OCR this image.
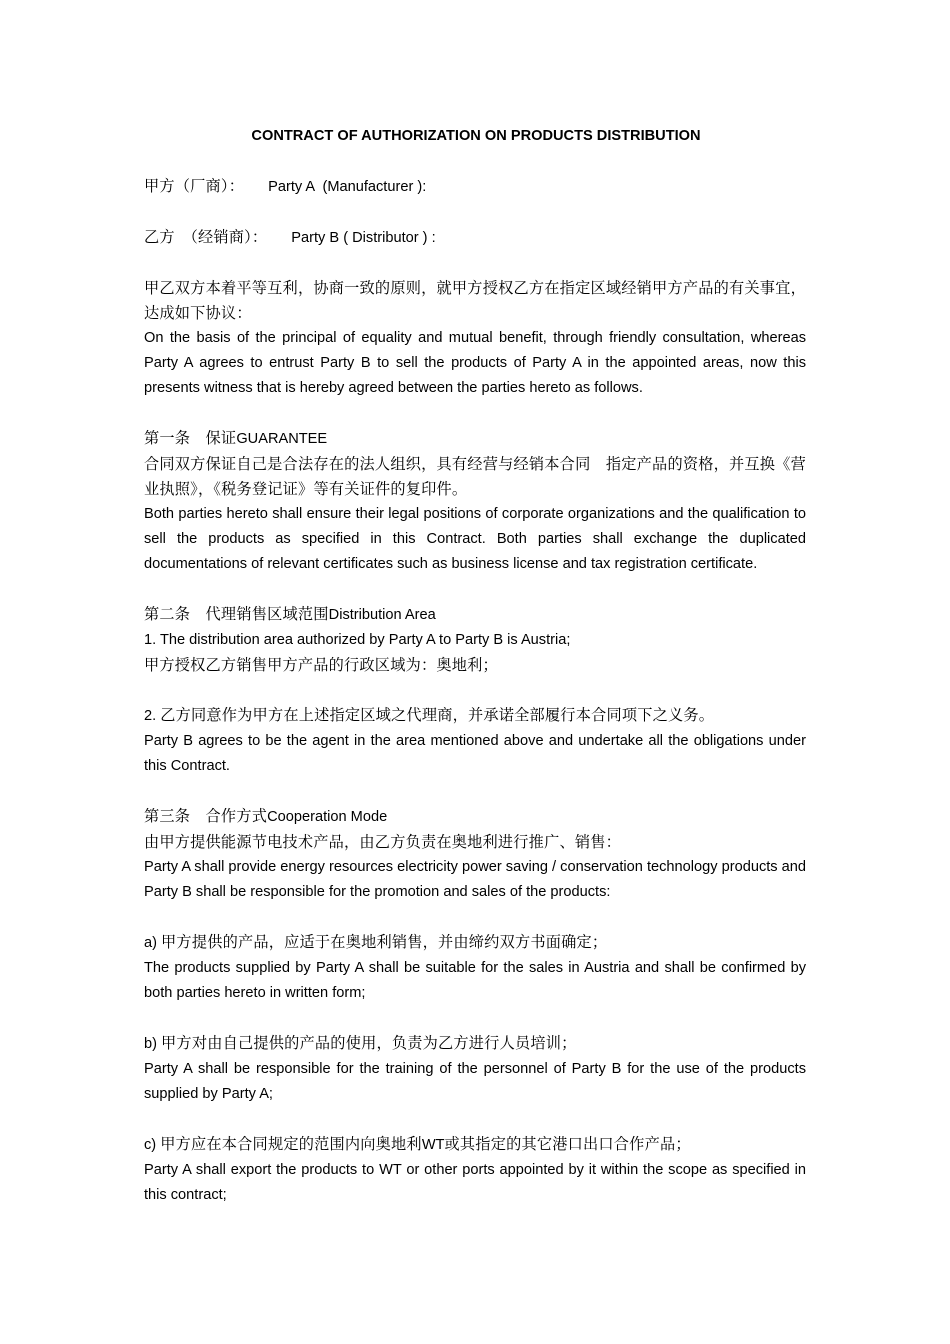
CONTRACT OF AUTHORIZATION ON PRODUCTS DISTRIBUTION

甲方（厂商）： Party A  (Manufacturer ):

乙方　（经销商）： Party B ( Distributor ) :

甲乙双方本着平等互利，协商一致的原则，就甲方授权乙方在指定区域经销甲方产品的有关事宜，达成如下协议：

On the basis of the principal of equality and mutual benefit, through friendly consultation, whereas Party A agrees to entrust Party B to sell the products of Party A in the appointed areas, now this presents witness that is hereby agreed between the parties hereto as follows.

第一条　保证GUARANTEE

合同双方保证自己是合法存在的法人组织，具有经营与经销本合同　指定产品的资格，并互换《营业执照》，《税务登记证》等有关证件的复印件。

Both parties hereto shall ensure their legal positions of corporate organizations and the qualification to sell the products as specified in this Contract. Both parties shall exchange the duplicated documentations of relevant certificates such as business license and tax registration certificate.

第二条　代理销售区域范围Distribution Area

1. The distribution area authorized by Party A to Party B is Austria;

甲方授权乙方销售甲方产品的行政区域为：奥地利；

2. 乙方同意作为甲方在上述指定区域之代理商，并承诺全部履行本合同项下之义务。

Party B agrees to be the agent in the area mentioned above and undertake all the obligations under this Contract.

第三条　合作方式Cooperation Mode

由甲方提供能源节电技术产品，由乙方负责在奥地利进行推广、销售：

Party A shall provide energy resources electricity power saving / conservation technology products and Party B shall be responsible for the promotion and sales of the products:

a) 甲方提供的产品，应适于在奥地利销售，并由缔约双方书面确定；

The products supplied by Party A shall be suitable for the sales in Austria and shall be confirmed by both parties hereto in written form;

b) 甲方对由自己提供的产品的使用，负责为乙方进行人员培训；

Party A shall be responsible for the training of the personnel of Party B for the use of the products supplied by Party A;

c) 甲方应在本合同规定的范围内向奥地利WT或其指定的其它港口出口合作产品；

Party A shall export the products to WT or other ports appointed by it within the scope as specified in this contract;
